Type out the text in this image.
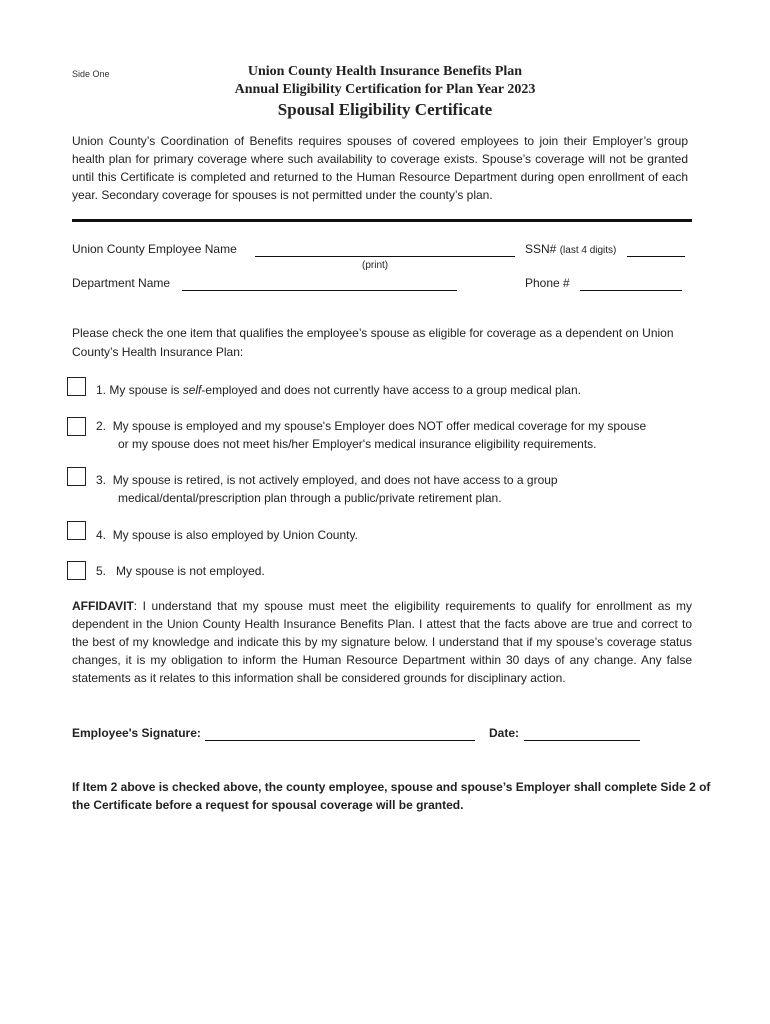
Side One	Union County Health Insurance Benefits Plan
Annual Eligibility Certification for Plan Year 2023
Spousal Eligibility Certificate
Union County’s Coordination of Benefits requires spouses of covered employees to join their Employer’s group health plan for primary coverage where such availability to coverage exists. Spouse’s coverage will not be granted until this Certificate is completed and returned to the Human Resource Department during open enrollment of each year. Secondary coverage for spouses is not permitted under the county’s plan.
Union County Employee Name	SSN# (last 4 digits)
(print)
Department Name	Phone #
Please check the one item that qualifies the employee’s spouse as eligible for coverage as a dependent on Union County’s Health Insurance Plan:
1. My spouse is self-employed and does not currently have access to a group medical plan.
2. My spouse is employed and my spouse's Employer does NOT offer medical coverage for my spouse
or my spouse does not meet his/her Employer's medical insurance eligibility requirements.
3. My spouse is retired, is not actively employed, and does not have access to a group
medical/dental/prescription plan through a public/private retirement plan.
4. My spouse is also employed by Union County.
5. My spouse is not employed.
AFFIDAVIT: I understand that my spouse must meet the eligibility requirements to qualify for enrollment as my dependent in the Union County Health Insurance Benefits Plan. I attest that the facts above are true and correct to the best of my knowledge and indicate this by my signature below. I understand that if my spouse’s coverage status changes, it is my obligation to inform the Human Resource Department within 30 days of any change. Any false statements as it relates to this information shall be considered grounds for disciplinary action.
Employee's Signature:	Date:
If Item 2 above is checked above, the county employee, spouse and spouse’s Employer shall complete Side 2 of the Certificate before a request for spousal coverage will be granted.
